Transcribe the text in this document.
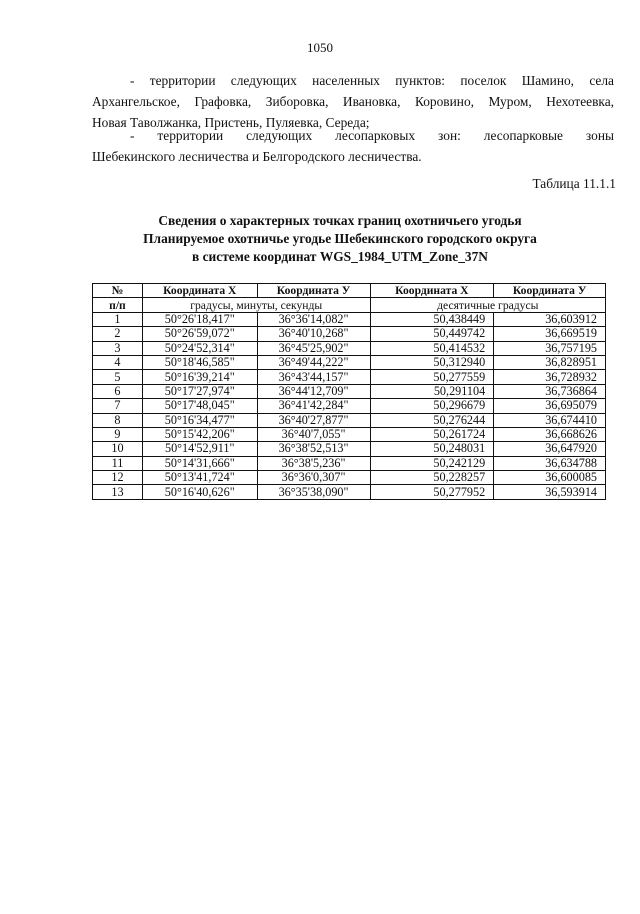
1050
- территории следующих населенных пунктов: поселок Шамино, села
Архангельское, Графовка, Зиборовка, Ивановка, Коровино, Муром, Нехотеевка,
Новая Таволжанка, Пристень, Пуляевка, Середа;
- территории следующих лесопарковых зон: лесопарковые зоны
Шебекинского лесничества и Белгородского лесничества.
Таблица 11.1.1
Сведения о характерных точках границ охотничьего угодья
Планируемое охотничье угодье Шебекинского городского округа
в системе координат WGS_1984_UTM_Zone_37N
№	Координата Х	Координата У	Координата Х	Координата У
п/п	градусы, минуты, секунды		десятичные градусы	
1	50°26'18,417"	36°36'14,082"	50,438449	36,603912
2	50°26'59,072"	36°40'10,268"	50,449742	36,669519
3	50°24'52,314"	36°45'25,902"	50,414532	36,757195
4	50°18'46,585"	36°49'44,222"	50,312940	36,828951
5	50°16'39,214"	36°43'44,157"	50,277559	36,728932
6	50°17'27,974"	36°44'12,709"	50,291104	36,736864
7	50°17'48,045"	36°41'42,284"	50,296679	36,695079
8	50°16'34,477"	36°40'27,877"	50,276244	36,674410
9	50°15'42,206"	36°40'7,055"	50,261724	36,668626
10	50°14'52,911"	36°38'52,513"	50,248031	36,647920
11	50°14'31,666"	36°38'5,236"	50,242129	36,634788
12	50°13'41,724"	36°36'0,307"	50,228257	36,600085
13	50°16'40,626"	36°35'38,090"	50,277952	36,593914
